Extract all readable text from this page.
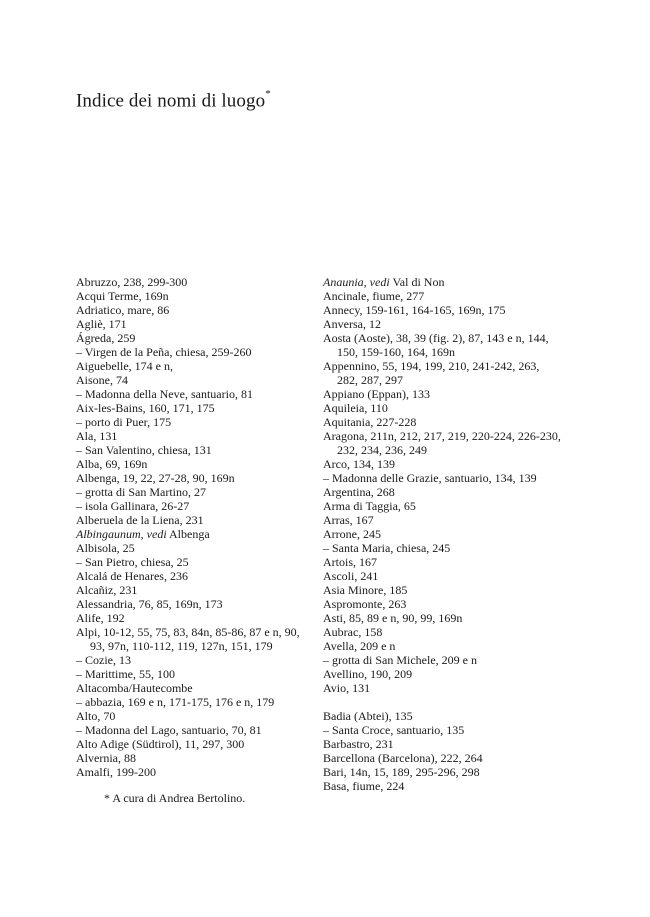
Indice dei nomi di luogo*
Abruzzo, 238, 299-300
Acqui Terme, 169n
Adriatico, mare, 86
Agliè, 171
Ágreda, 259
– Virgen de la Peña, chiesa, 259-260
Aiguebelle, 174 e n,
Aisone, 74
– Madonna della Neve, santuario, 81
Aix-les-Bains, 160, 171, 175
– porto di Puer, 175
Ala, 131
– San Valentino, chiesa, 131
Alba, 69, 169n
Albenga, 19, 22, 27-28, 90, 169n
– grotta di San Martino, 27
– isola Gallinara, 26-27
Alberuela de la Liena, 231
Albingaunum, vedi Albenga
Albisola, 25
– San Pietro, chiesa, 25
Alcalá de Henares, 236
Alcañiz, 231
Alessandria, 76, 85, 169n, 173
Alife, 192
Alpi, 10-12, 55, 75, 83, 84n, 85-86, 87 e n, 90, 93, 97n, 110-112, 119, 127n, 151, 179
– Cozie, 13
– Marittime, 55, 100
Altacomba/Hautecombe
– abbazia, 169 e n, 171-175, 176 e n, 179
Alto, 70
– Madonna del Lago, santuario, 70, 81
Alto Adige (Südtirol), 11, 297, 300
Alvernia, 88
Amalfi, 199-200
Anaunia, vedi Val di Non
Ancinale, fiume, 277
Annecy, 159-161, 164-165, 169n, 175
Anversa, 12
Aosta (Aoste), 38, 39 (fig. 2), 87, 143 e n, 144, 150, 159-160, 164, 169n
Appennino, 55, 194, 199, 210, 241-242, 263, 282, 287, 297
Appiano (Eppan), 133
Aquileia, 110
Aquitania, 227-228
Aragona, 211n, 212, 217, 219, 220-224, 226-230, 232, 234, 236, 249
Arco, 134, 139
– Madonna delle Grazie, santuario, 134, 139
Argentina, 268
Arma di Taggia, 65
Arras, 167
Arrone, 245
– Santa Maria, chiesa, 245
Artois, 167
Ascoli, 241
Asia Minore, 185
Aspromonte, 263
Asti, 85, 89 e n, 90, 99, 169n
Aubrac, 158
Avella, 209 e n
– grotta di San Michele, 209 e n
Avellino, 190, 209
Avio, 131
Badia (Abtei), 135
– Santa Croce, santuario, 135
Barbastro, 231
Barcellona (Barcelona), 222, 264
Bari, 14n, 15, 189, 295-296, 298
Basa, fiume, 224
* A cura di Andrea Bertolino.
